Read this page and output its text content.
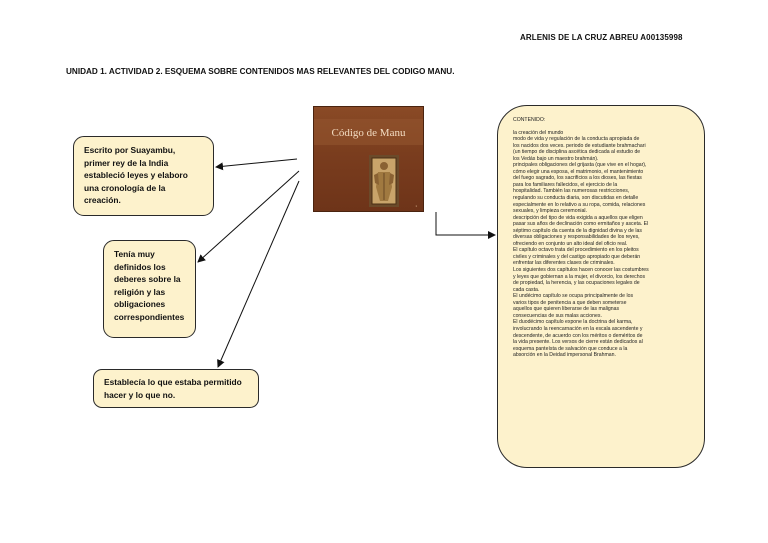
ARLENIS DE LA CRUZ ABREU A00135998
UNIDAD 1. ACTIVIDAD 2. ESQUEMA SOBRE CONTENIDOS MAS RELEVANTES DEL CODIGO MANU.
Código de Manu
1
Escrito por Suayambu,
primer rey de la India
estableció leyes y elaboro
una cronología de la
creación.
Tenía muy
definidos los
deberes sobre la
religión y las
obligaciones
correspondientes
Establecía lo que estaba permitido
hacer y lo que no.
CONTENIDO:
la creación del mundo
modo de vida y regulación de la conducta apropiada de
los nacidos dos veces. periodo de estudiante brahmachari
(un tiempo de disciplina ascética dedicada al estudio de
los Vedás bajo un maestro brahmán).
principales obligaciones del grijasta (que vive en el hogar),
cómo elegir una esposa, el matrimonio, el mantenimiento
del fuego sagrado, los sacrificios a los dioses, las fiestas
para los familiares fallecidos, el ejercicio de la
hospitalidad. También las numerosas restricciones,
regulando su conducta diaria, son discutidas en detalle
especialmente en lo relativo a su ropa, comida, relaciones
sexuales, y limpieza ceremonial.
descripción del tipo de vida exigida a aquellos que eligen
pasar sus años de declinación como ermitaños y asceta. El
séptimo capítulo da cuenta de la dignidad divina y de las
diversas obligaciones y responsabilidades de los reyes,
ofreciendo en conjunto un alto ideal del oficio real.
El capítulo octavo trata del procedimiento en los pleitos
civiles y criminales y del castigo apropiado que deberán
enfrentar las diferentes clases de criminales.
Los siguientes dos capítulos hacen conocer las costumbres
y leyes que gobiernan a la mujer, el divorcio, los derechos
de propiedad, la herencia, y las ocupaciones legales de
cada casta.
El undécimo capítulo se ocupa principalmente de los
varios tipos de penitencia a que deben someterse
aquellos que quieren liberarse de las malignas
consecuencias de sus malas acciones.
El duodécimo capítulo expone la doctrina del karma,
involucrando la reencarnación en la escala ascendente y
descendente, de acuerdo con los méritos o deméritos de
la vida presente. Los versos de cierre están dedicados al
esquema panteísta de salvación que conduce a la
absorción en la Deidad impersonal Brahman.
